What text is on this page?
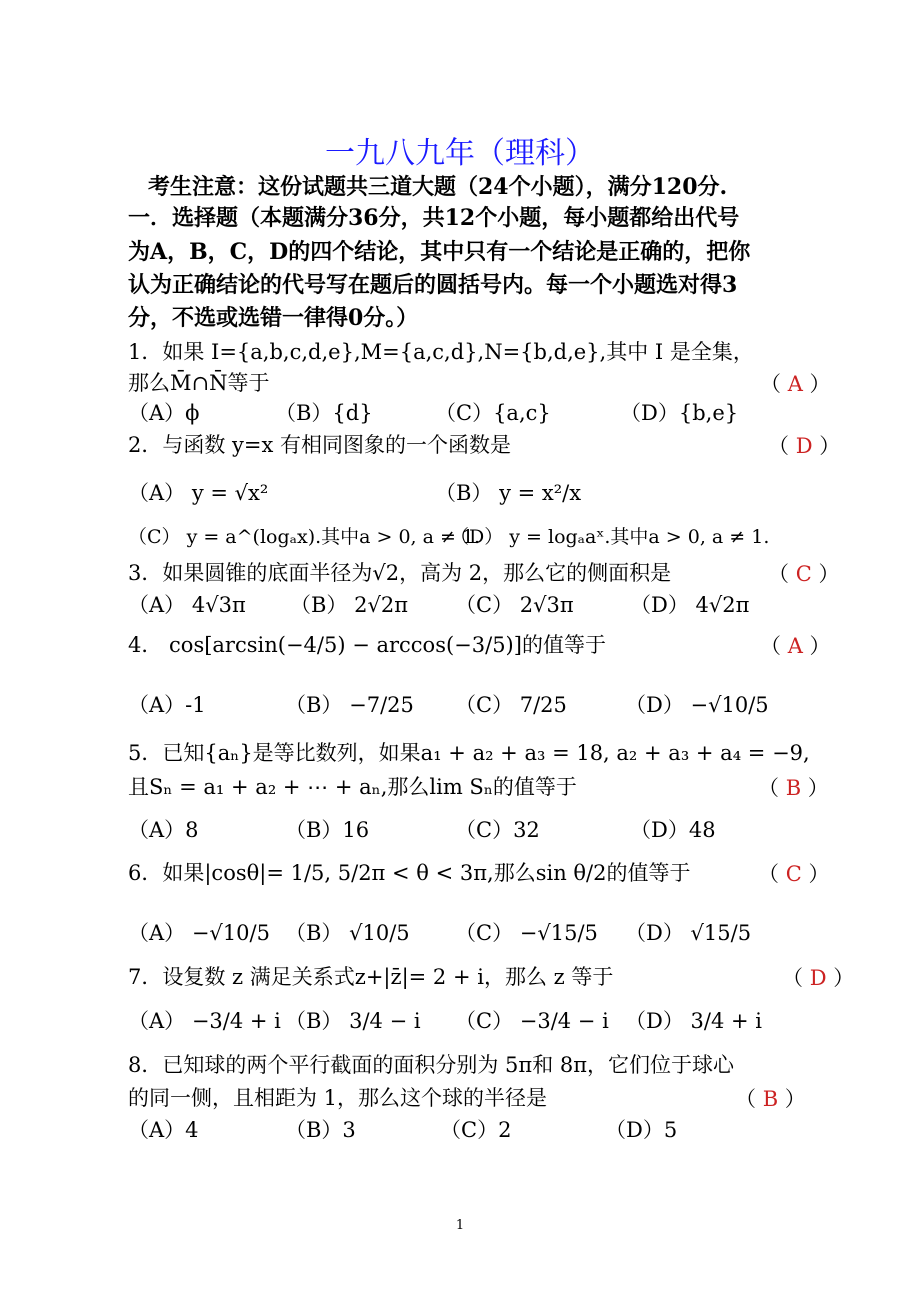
一九八九年（理科）
考生注意：这份试题共三道大题（24个小题），满分120分.
一．选择题（本题满分36分，共12个小题，每小题都给出代号
为A，B，C，D的四个结论，其中只有一个结论是正确的，把你
认为正确结论的代号写在题后的圆括号内。每一个小题选对得3
分，不选或选错一律得0分。）
1．如果 I={a,b,c,d,e},M={a,c,d},N={b,d,e},其中 I 是全集，
那么M̄∩N̄等于	（ A ）
（A）ϕ	（B）{d}	（C）{a,c}	（D）{b,e}
2．与函数 y=x 有相同图象的一个函数是	（ D ）
（A） y = √x²	（B） y = x²/x
（C） y = a^(logₐx).其中a > 0, a ≠ 1.
（D） y = logₐaˣ.其中a > 0, a ≠ 1.
3．如果圆锥的底面半径为√2，高为 2，那么它的侧面积是	（ C ）
（A） 4√3π （B） 2√2π （C） 2√3π	（D） 4√2π
4． cos[arcsin(−4/5) − arccos(−3/5)]的值等于	（ A ）
（A）-1	（B） −7/25 （C） 7/25	（D） −√10/5
5．已知{aₙ}是等比数列，如果a₁ + a₂ + a₃ = 18, a₂ + a₃ + a₄ = −9,
且Sₙ = a₁ + a₂ + ⋯ + aₙ,那么lim Sₙ的值等于	（ B ）
（A）8	（B）16	（C）32	（D）48
6．如果|cosθ|= 1/5, 5/2π < θ < 3π,那么sin θ/2的值等于	（ C ）
（A） −√10/5 （B） √10/5 （C） −√15/5 （D） √15/5
7．设复数 z 满足关系式z+|z̄|= 2 + i，那么 z 等于	（ D ）
（A） −3/4 + i （B） 3/4 − i （C） −3/4 − i （D） 3/4 + i
8．已知球的两个平行截面的面积分别为 5π和 8π，它们位于球心
的同一侧，且相距为 1，那么这个球的半径是	（ B ）
（A）4	（B）3	（C）2	（D）5
1
